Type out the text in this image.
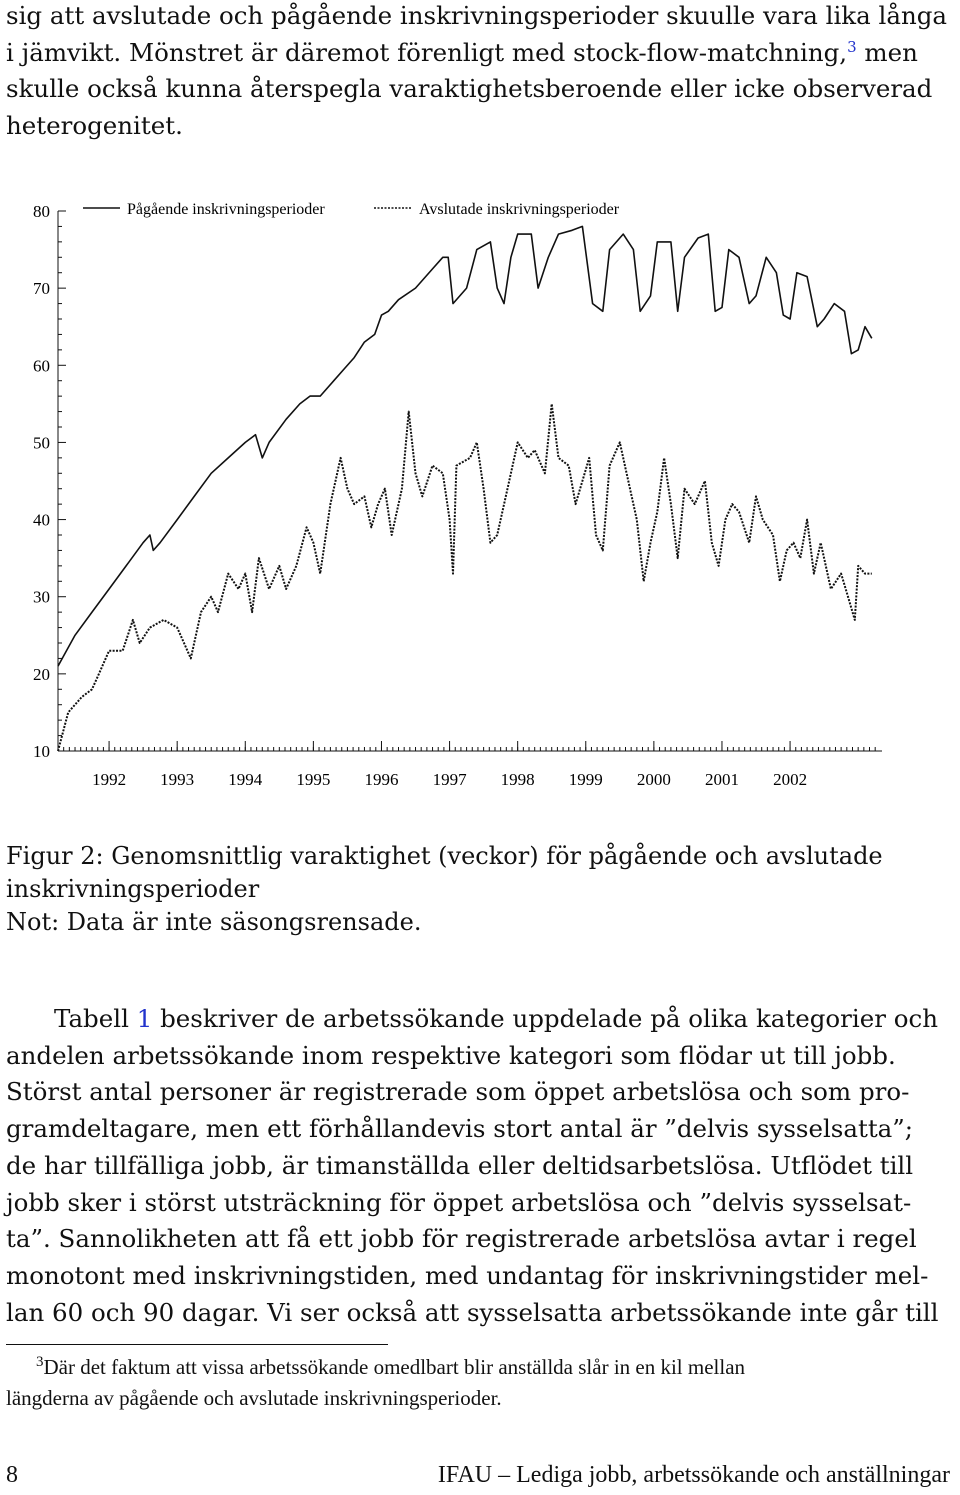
sig att avslutade och pågående inskrivningsperioder skuulle vara lika långa
i jämvikt. Mönstret är däremot förenligt med stock-flow-matchning,$^3$ men
skulle också kunna återspegla varaktighetsberoende eller icke observerad
heterogenitet.
10
20
30
40
50
60
70
80
1992 1993 1994 1995 1996 1997 1998 1999 2000 2001 2002
Pågående inskrivningsperioder	Avslutade inskrivningsperioder
Figur 2: Genomsnittlig varaktighet (veckor) för pågående och avslutade
inskrivningsperioder
Not: Data är inte säsongsrensade.
Tabell 1 beskriver de arbetssökande uppdelade på olika kategorier och
andelen arbetssökande inom respektive kategori som flödar ut till jobb.
Störst antal personer är registrerade som öppet arbetslösa och som pro-
gramdeltagare, men ett förhållandevis stort antal är ”delvis sysselsatta”;
de har tillfälliga jobb, är timanställda eller deltidsarbetslösa. Utflödet till
jobb sker i störst utsträckning för öppet arbetslösa och ”delvis sysselsat-
ta”. Sannolikheten att få ett jobb för registrerade arbetslösa avtar i regel
monotont med inskrivningstiden, med undantag för inskrivningstider mel-
lan 60 och 90 dagar. Vi ser också att sysselsatta arbetssökande inte går till
$^3$Där det faktum att vissa arbetssökande omedlbart blir anställda slår in en kil mellan
längderna av pågående och avslutade inskrivningsperioder.
8	IFAU – Lediga jobb, arbetssökande och anställningar
